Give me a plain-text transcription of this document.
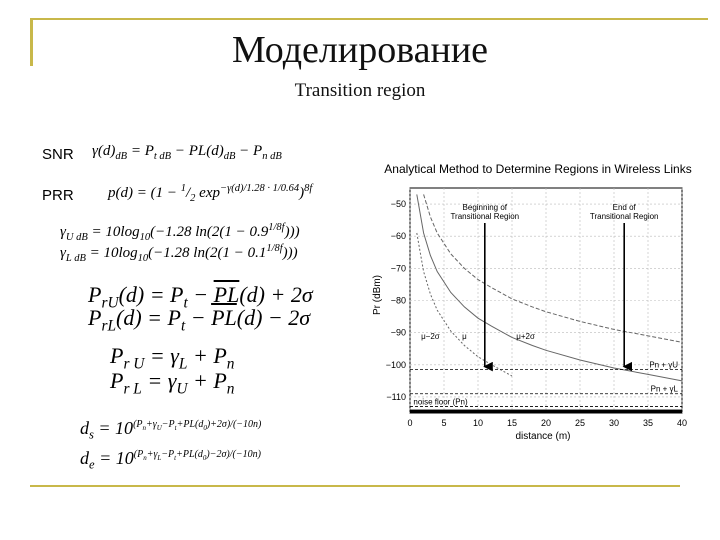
Моделирование
Transition region
SNR
PRR
$\gamma(d)_{dB} = P_{t dB} - PL(d)_{dB} - P_{n dB}$
$p(d) = (1 - ^1/_2$ $\exp^{-\gamma(d)/1.28 \cdot 1/0.64})^{8f}$
$\gamma_{U dB} = 10\log_{10}(-1.28$ $\ln(2(1 - 0.9^{1/8f}))$)
$\gamma_{L dB} = 10\log_{10}(-1.28$ $\ln(2(1 - 0.1^{1/8f}))$)
$P_{rU}(d) = P_t - \overline{PL}(d) + 2\sigma$
$P_{rL}(d) = P_t - \overline{PL}(d) - 2\sigma$
$P_{r U} = \gamma_L + P_n$
$P_{r L} = \gamma_U + P_n$
$d_s = 10^{(P_n+\gamma_U-P_t+PL(d_0)+2\sigma)/(-10n)}$
$d_e = 10^{(P_n+\gamma_L-P_t+PL(d_0)-2\sigma)/(-10n)}$
Analytical Method to Determine Regions in Wireless Links
0	5	10	15	20	25	30	35	40
−50
−60
−70
−80
−90
−100
−110
Pn + γU
Pn + γL
noise floor (Pn)
Beginning of
Transitional Region
End of
Transitional Region
μ−2σ	μ	μ+2σ
distance (m)
Pr (dBm)
